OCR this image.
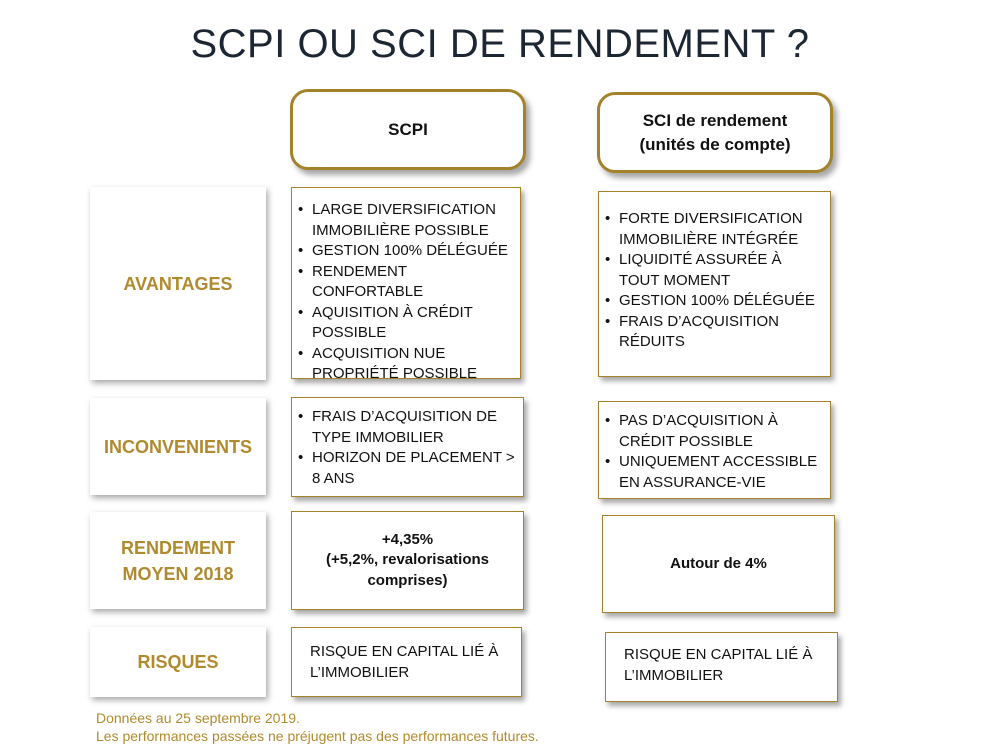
SCPI OU SCI DE RENDEMENT ?
SCPI	SCI de rendement
(unités de compte)
AVANTAGES
• LARGE DIVERSIFICATION IMMOBILIÈRE POSSIBLE
• GESTION 100% DÉLÉGUÉE
• RENDEMENT CONFORTABLE
• AQUISITION À CRÉDIT POSSIBLE
• ACQUISITION NUE PROPRIÉTÉ POSSIBLE
• FORTE DIVERSIFICATION IMMOBILIÈRE INTÉGRÉE
• LIQUIDITÉ ASSURÉE À TOUT MOMENT
• GESTION 100% DÉLÉGUÉE
• FRAIS D’ACQUISITION RÉDUITS
INCONVENIENTS
• FRAIS D’ACQUISITION DE TYPE IMMOBILIER
• HORIZON DE PLACEMENT > 8 ANS
• PAS D’ACQUISITION À CRÉDIT POSSIBLE
• UNIQUEMENT ACCESSIBLE EN ASSURANCE-VIE
RENDEMENT
MOYEN 2018
+4,35%
(+5,2%, revalorisations
comprises)
Autour de 4%
RISQUES
RISQUE EN CAPITAL LIÉ À L’IMMOBILIER
RISQUE EN CAPITAL LIÉ À L’IMMOBILIER
Données au 25 septembre 2019.
Les performances passées ne préjugent pas des performances futures.
